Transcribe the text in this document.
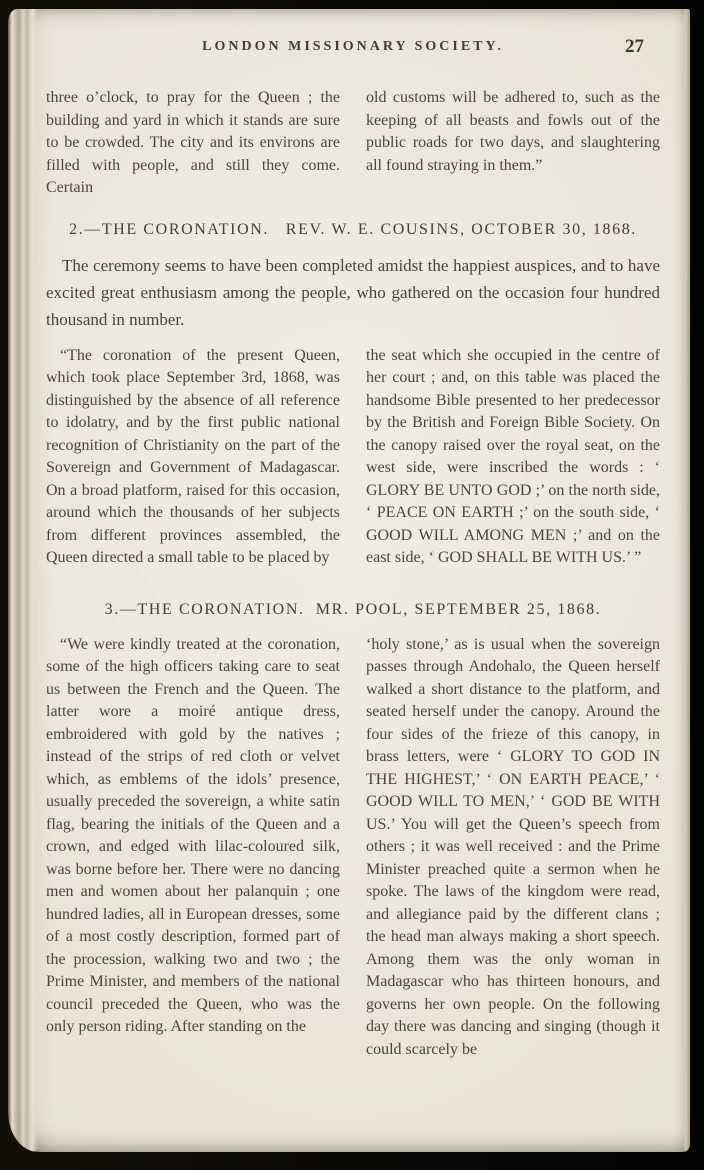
LONDON MISSIONARY SOCIETY.	27
three o’clock, to pray for the Queen ; the building and yard in which it stands are sure to be crowded. The city and its environs are filled with people, and still they come. Certain
old customs will be adhered to, such as the keeping of all beasts and fowls out of the public roads for two days, and slaughtering all found straying in them.”
2.—THE CORONATION.   REV. W. E. COUSINS, OCTOBER 30, 1868.
The ceremony seems to have been completed amidst the happiest auspices, and to have excited great enthusiasm among the people, who gathered on the occasion four hundred thousand in number.
“The coronation of the present Queen, which took place September 3rd, 1868, was distinguished by the absence of all reference to idolatry, and by the first public national recognition of Christianity on the part of the Sovereign and Government of Madagascar. On a broad platform, raised for this occasion, around which the thousands of her subjects from different provinces assembled, the Queen directed a small table to be placed by
the seat which she occupied in the centre of her court ; and, on this table was placed the handsome Bible presented to her predecessor by the British and Foreign Bible Society. On the canopy raised over the royal seat, on the west side, were inscribed the words : ‘ GLORY BE UNTO GOD ;’ on the north side, ‘ PEACE ON EARTH ;’ on the south side, ‘ GOOD WILL AMONG MEN ;’ and on the east side, ‘ GOD SHALL BE WITH US.’ ”
3.—THE CORONATION.  MR. POOL, SEPTEMBER 25, 1868.
“We were kindly treated at the coronation, some of the high officers taking care to seat us between the French and the Queen. The latter wore a moiré antique dress, embroidered with gold by the natives ; instead of the strips of red cloth or velvet which, as emblems of the idols’ presence, usually preceded the sovereign, a white satin flag, bearing the initials of the Queen and a crown, and edged with lilac-coloured silk, was borne before her. There were no dancing men and women about her palanquin ; one hundred ladies, all in European dresses, some of a most costly description, formed part of the procession, walking two and two ; the Prime Minister, and members of the national council preceded the Queen, who was the only person riding. After standing on the
‘holy stone,’ as is usual when the sovereign passes through Andohalo, the Queen herself walked a short distance to the platform, and seated herself under the canopy. Around the four sides of the frieze of this canopy, in brass letters, were ‘ GLORY TO GOD IN THE HIGHEST,’ ‘ ON EARTH PEACE,’ ‘ GOOD WILL TO MEN,’ ‘ GOD BE WITH US.’ You will get the Queen’s speech from others ; it was well received : and the Prime Minister preached quite a sermon when he spoke. The laws of the kingdom were read, and allegiance paid by the different clans ; the head man always making a short speech. Among them was the only woman in Madagascar who has thirteen honours, and governs her own people. On the following day there was dancing and singing (though it could scarcely be
